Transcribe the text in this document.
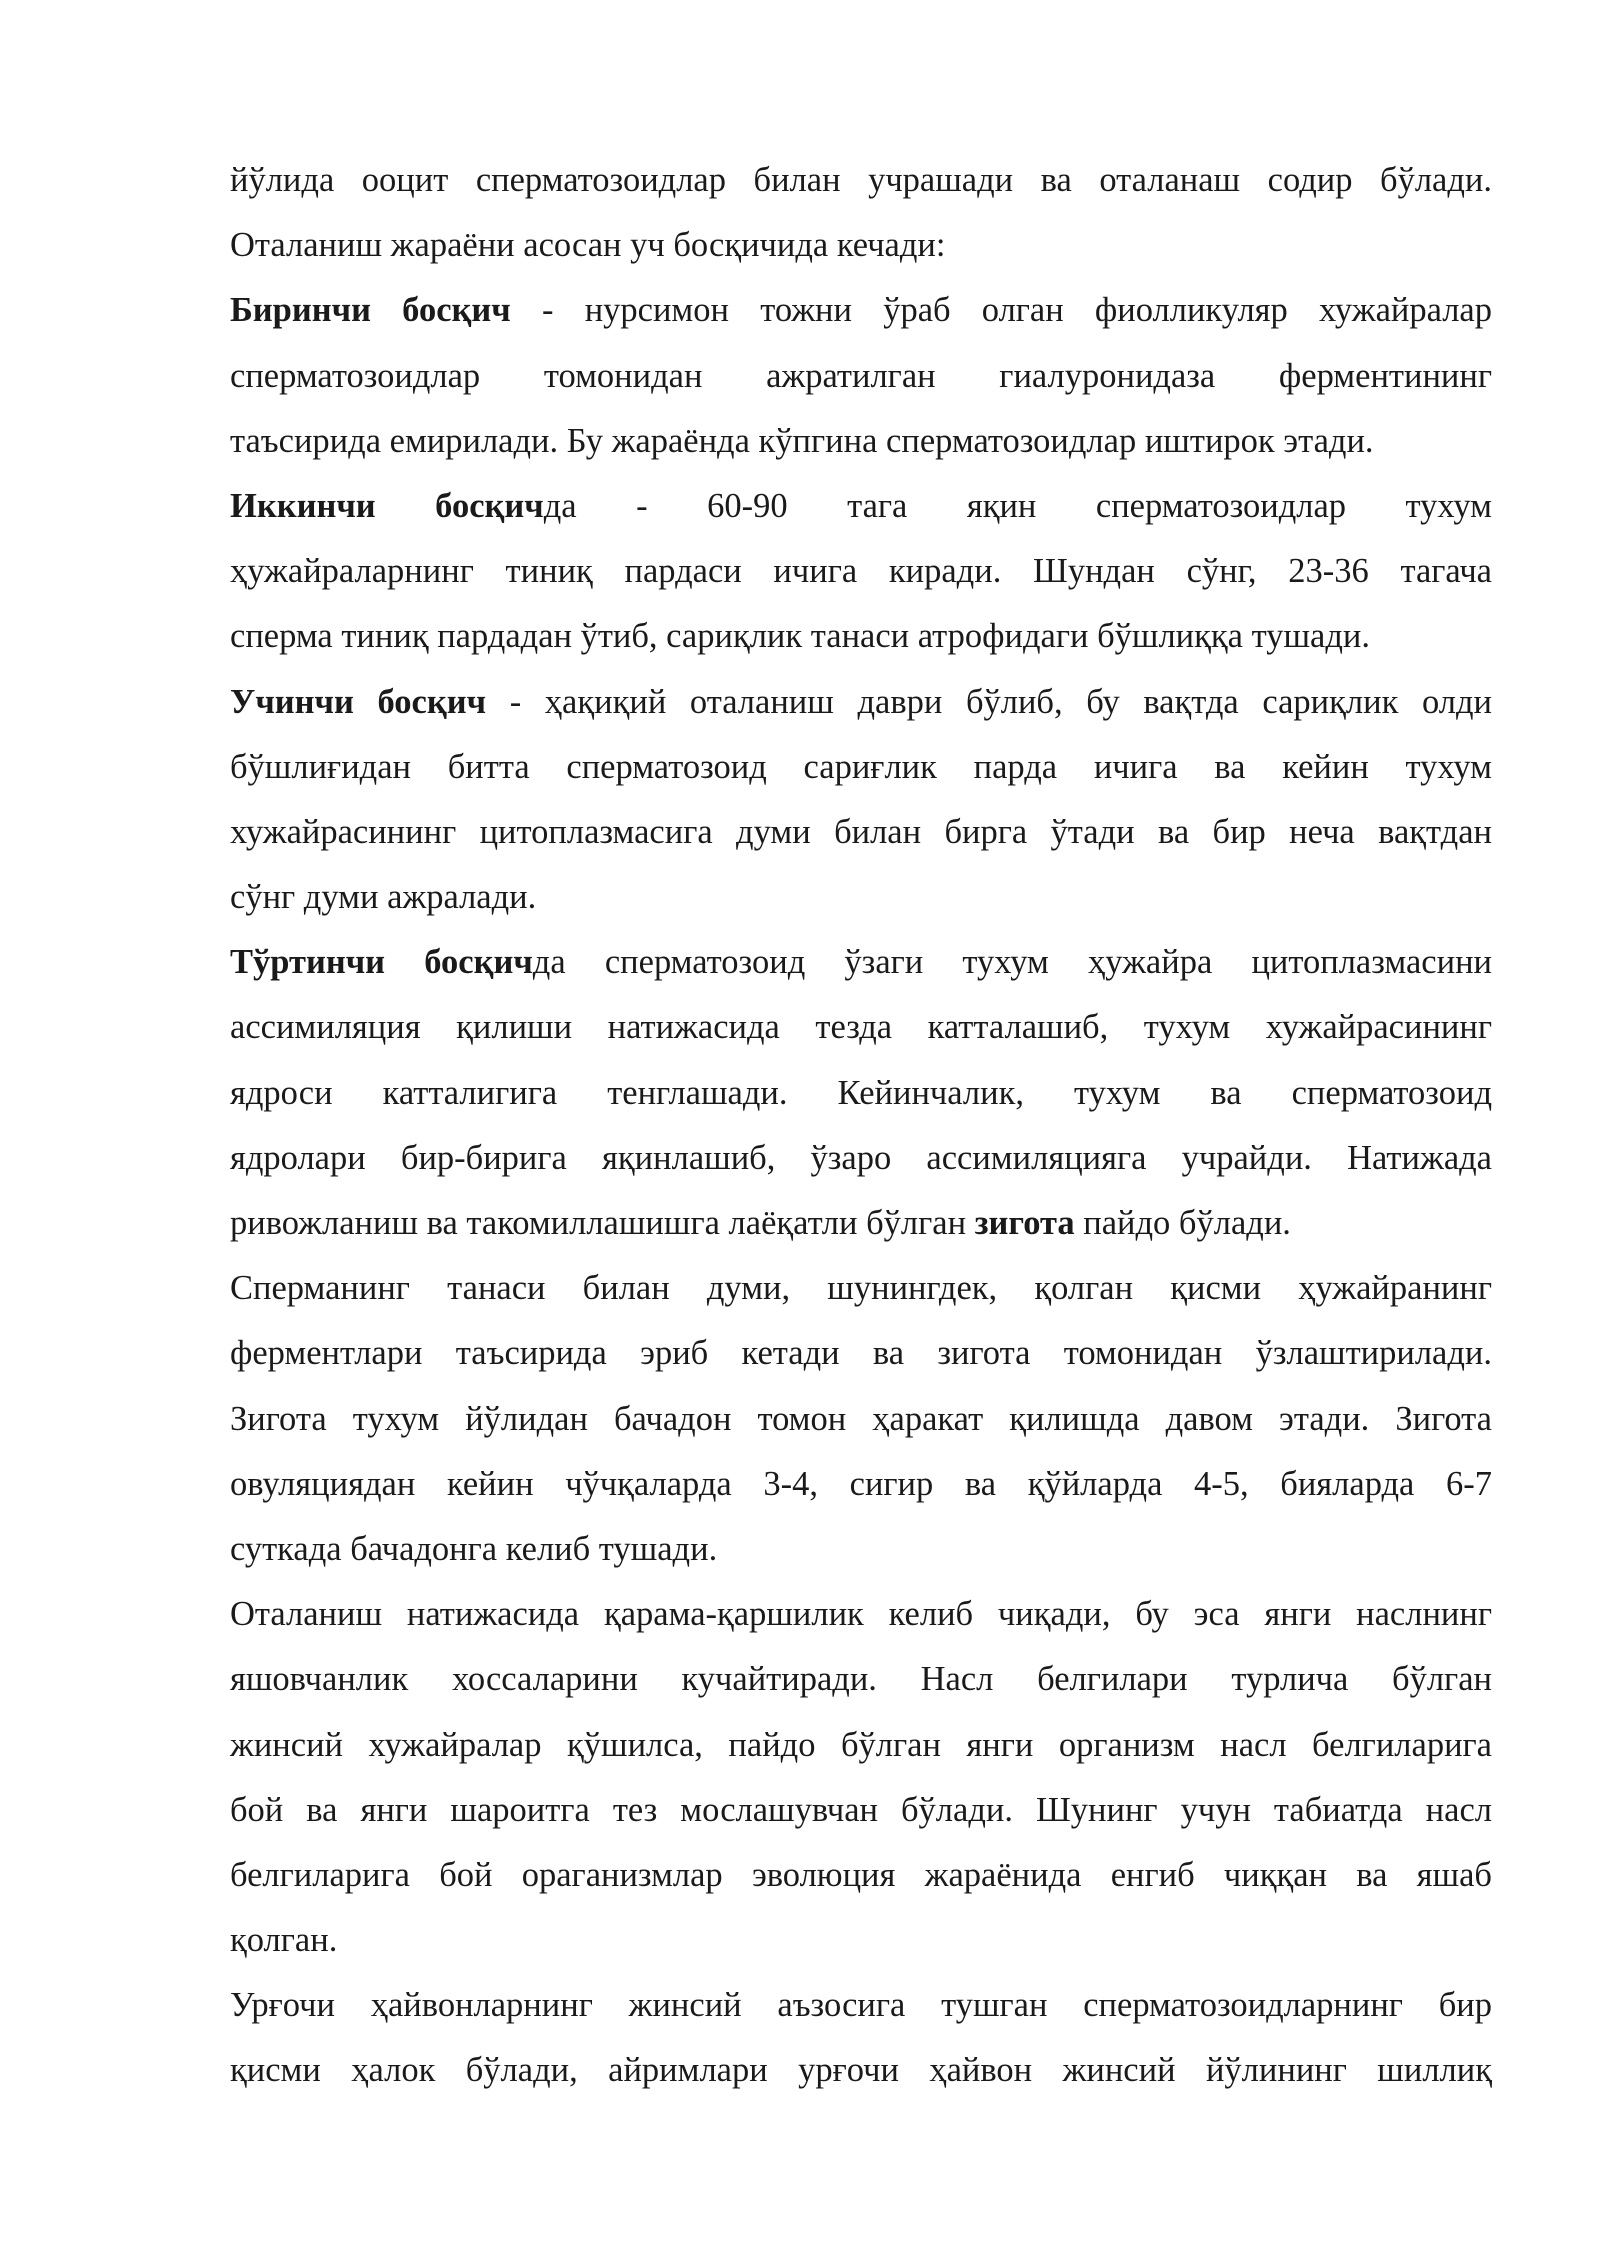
йўлида ооцит сперматозоидлар билан учрашади ва оталанаш содир бўлади.
Оталаниш жараёни асосан уч босқичида кечади:
Биринчи босқич - нурсимон тожни ўраб олган фиолликуляр хужайралар
сперматозоидлар томонидан ажратилган гиалуронидаза ферментининг
таъсирида емирилади. Бу жараёнда кўпгина сперматозоидлар иштирок этади.
Иккинчи босқичда - 60-90 тага яқин сперматозоидлар тухум
ҳужайраларнинг тиниқ пардаси ичига киради. Шундан сўнг, 23-36 тагача
сперма тиниқ пардадан ўтиб, сариқлик танаси атрофидаги бўшлиққа тушади.
Учинчи босқич - ҳақиқий оталаниш даври бўлиб, бу вақтда сариқлик олди
бўшлиғидан битта сперматозоид сариғлик парда ичига ва кейин тухум
хужайрасининг цитоплазмасига думи билан бирга ўтади ва бир неча вақтдан
сўнг думи ажралади.
Тўртинчи босқичда сперматозоид ўзаги тухум ҳужайра цитоплазмасини
ассимиляция қилиши натижасида тезда катталашиб, тухум хужайрасининг
ядроси катталигига тенглашади. Кейинчалик, тухум ва сперматозоид
ядролари бир-бирига яқинлашиб, ўзаро ассимиляцияга учрайди. Натижада
ривожланиш ва такомиллашишга лаёқатли бўлган зигота пайдо бўлади.
Сперманинг танаси билан думи, шунингдек, қолган қисми ҳужайранинг
ферментлари таъсирида эриб кетади ва зигота томонидан ўзлаштирилади.
Зигота тухум йўлидан бачадон томон ҳаракат қилишда давом этади. Зигота
овуляциядан кейин чўчқаларда 3-4, сигир ва қўйларда 4-5, бияларда 6-7
суткада бачадонга келиб тушади.
Оталаниш натижасида қарама-қаршилик келиб чиқади, бу эса янги наслнинг
яшовчанлик хоссаларини кучайтиради. Насл белгилари турлича бўлган
жинсий хужайралар қўшилса, пайдо бўлган янги организм насл белгиларига
бой ва янги шароитга тез мослашувчан бўлади. Шунинг учун табиатда насл
белгиларига бой ораганизмлар эволюция жараёнида енгиб чиққан ва яшаб
қолган.
Урғочи ҳайвонларнинг жинсий аъзосига тушган сперматозоидларнинг бир
қисми ҳалок бўлади, айримлари урғочи ҳайвон жинсий йўлининг шиллиқ
